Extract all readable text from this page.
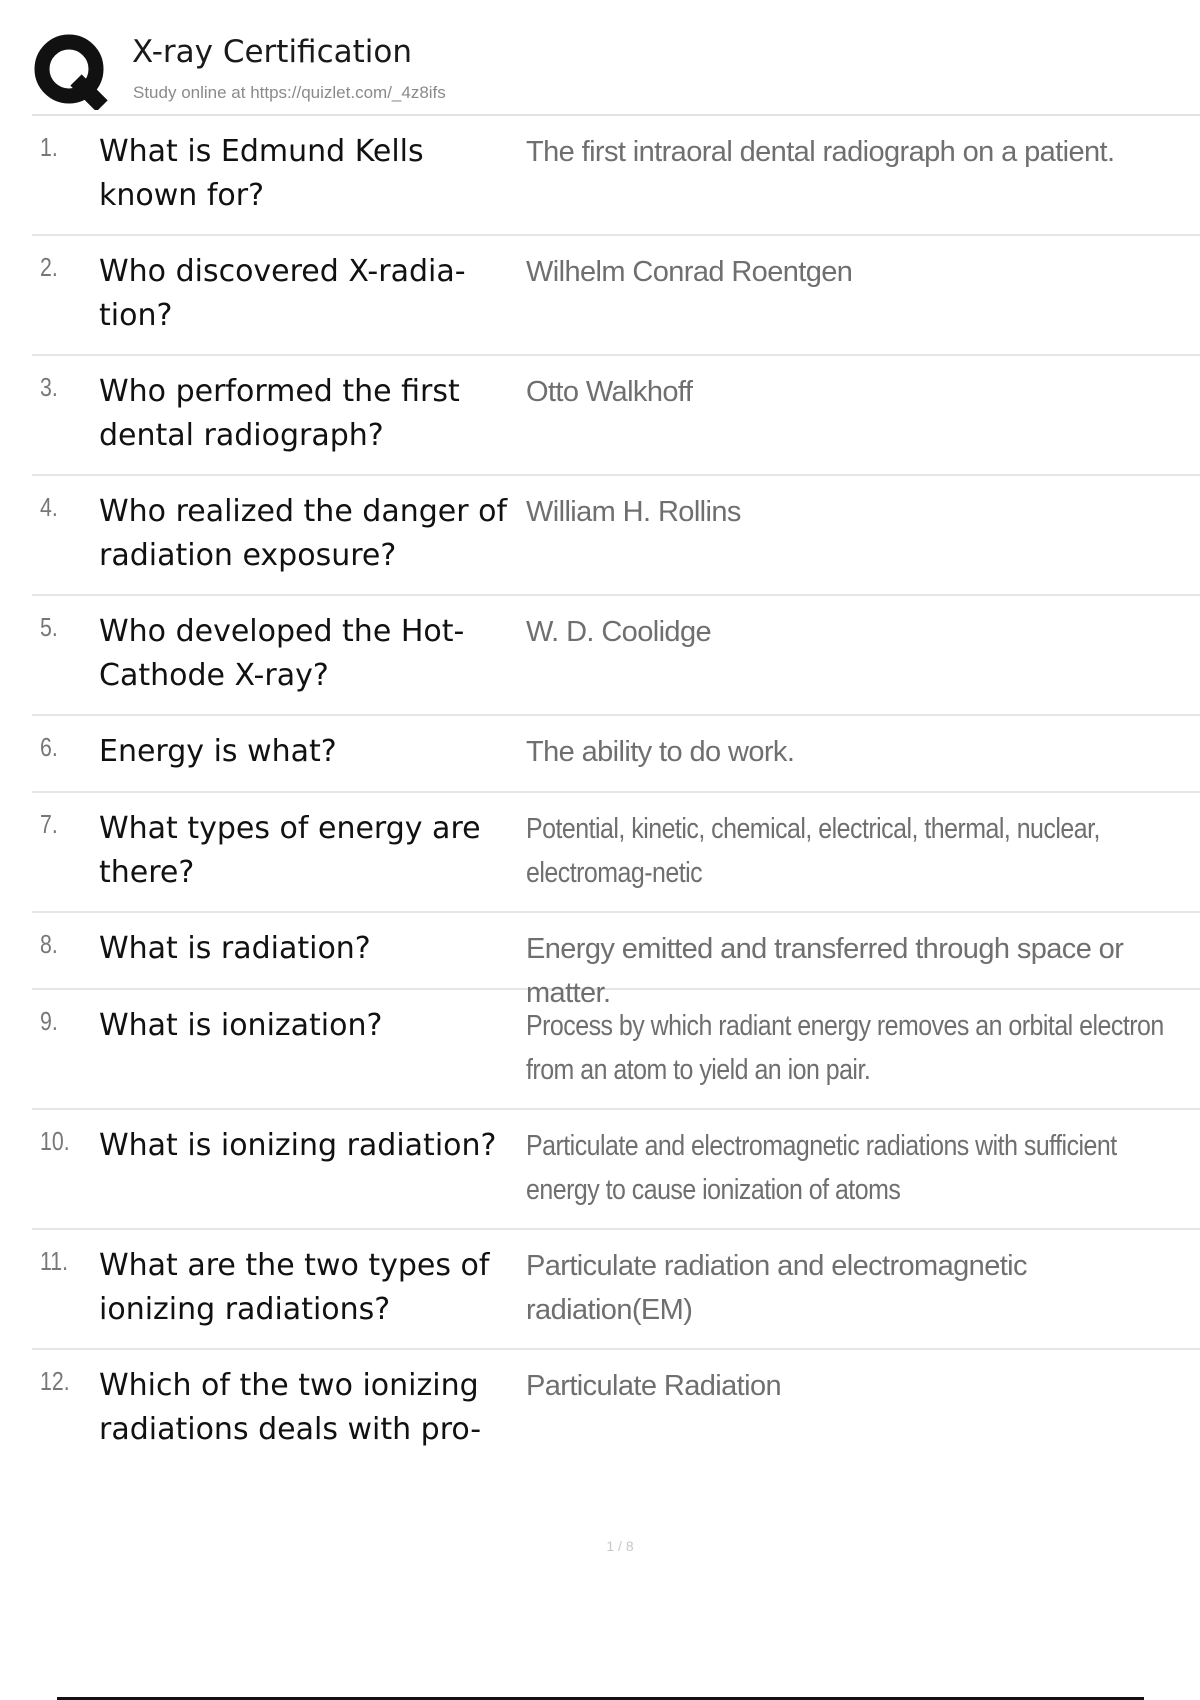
X-ray Certification
Study online at https://quizlet.com/_4z8ifs
1. What is Edmund Kells known for?
The first intraoral dental radiograph on a patient.
2. Who discovered X-radia-tion?
Wilhelm Conrad Roentgen
3. Who performed the first dental radiograph?
Otto Walkhoff
4. Who realized the danger of radiation exposure?
William H. Rollins
5. Who developed the Hot-Cathode X-ray?
W. D. Coolidge
6. Energy is what?	The ability to do work.
7. What types of energy are there?
Potential, kinetic, chemical, electrical, thermal, nuclear, electromag-netic
8. What is radiation?	Energy emitted and transferred through space or matter.
9. What is ionization?	Process by which radiant energy removes an orbital electron from an atom to yield an ion pair.
10. What is ionizing radiation?	Particulate and electromagnetic radiations with sufficient energy to cause ionization of atoms
11. What are the two types of ionizing radiations?
Particulate radiation and electromagnetic radiation(EM)
12. Which of the two ionizing radiations deals with pro-
Particulate Radiation
1 / 8
